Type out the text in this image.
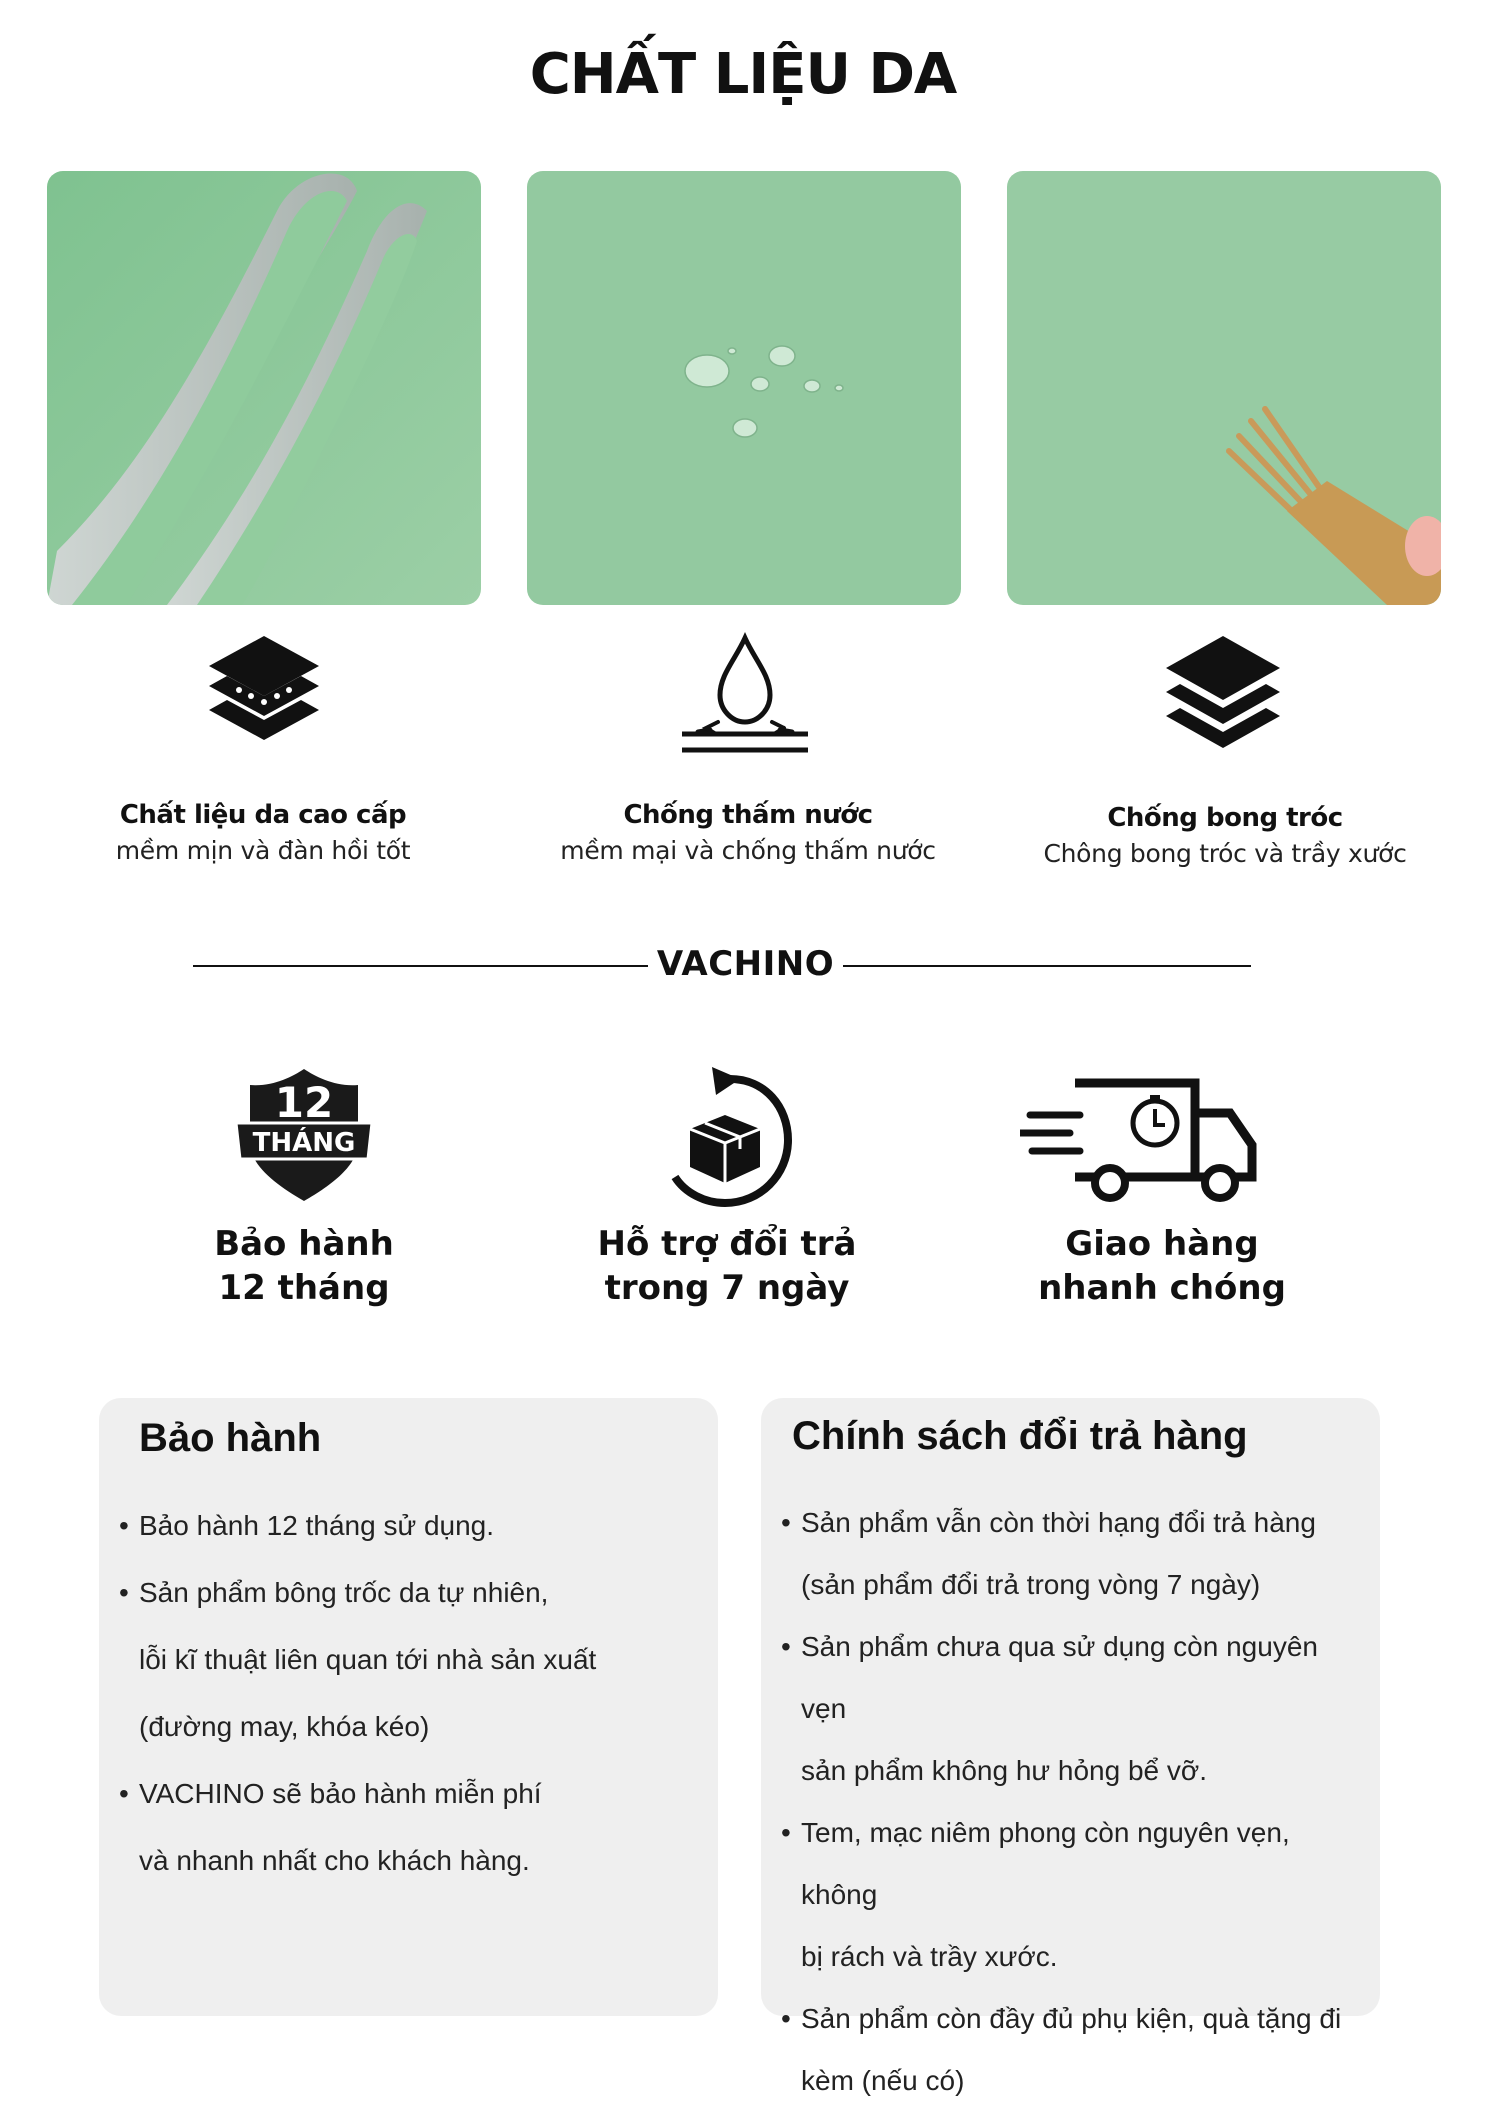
CHẤT LIỆU DA
Chất liệu da cao cấp
mềm mịn và đàn hồi tốt
Chống thấm nước
mềm mại và chống thấm nước
Chống bong tróc
Chông bong tróc và trầy xước
VACHINO
12
THÁNG
Bảo hành
12 tháng
Hỗ trợ đổi trả
trong 7 ngày
Giao hàng
nhanh chóng
Bảo hành
• Bảo hành 12 tháng sử dụng.
• Sản phẩm bông trốc da tự nhiên,
lỗi kĩ thuật liên quan tới nhà sản xuất
(đường may, khóa kéo)
• VACHINO sẽ bảo hành miễn phí
và nhanh nhất cho khách hàng.
Chính sách đổi trả hàng
• Sản phẩm vẫn còn thời hạng đổi trả hàng
(sản phẩm đổi trả trong vòng 7 ngày)
• Sản phẩm chưa qua sử dụng còn nguyên vẹn
sản phẩm không hư hỏng bể vỡ.
• Tem, mạc niêm phong còn nguyên vẹn, không
bị rách và trầy xước.
• Sản phẩm còn đầy đủ phụ kiện, quà tặng đi
kèm (nếu có)
